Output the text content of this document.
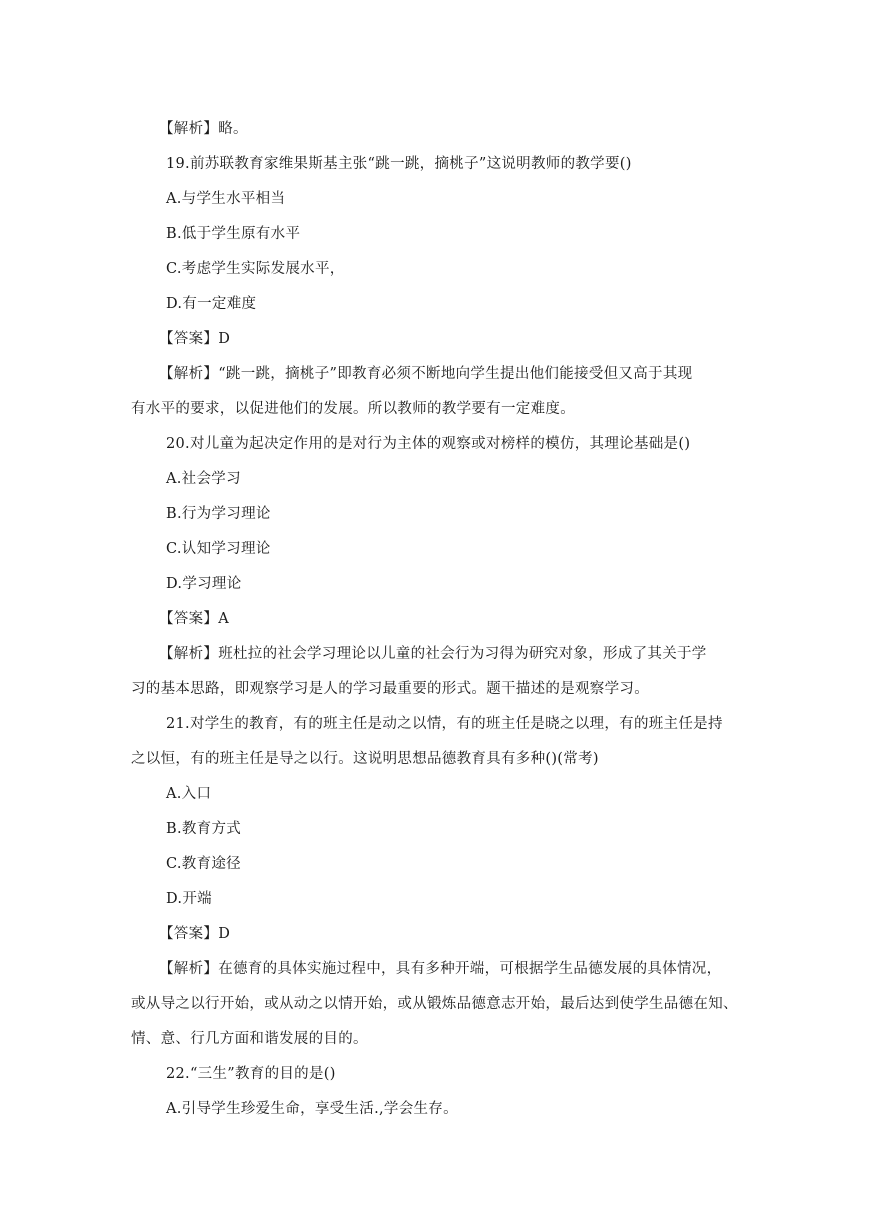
【解析】略。
19.前苏联教育家维果斯基主张“跳一跳，摘桃子”这说明教师的教学要()
A.与学生水平相当
B.低于学生原有水平
C.考虑学生实际发展水平，
D.有一定难度
【答案】D
【解析】“跳一跳，摘桃子”即教育必须不断地向学生提出他们能接受但又高于其现
有水平的要求，以促进他们的发展。所以教师的教学要有一定难度。
20.对儿童为起决定作用的是对行为主体的观察或对榜样的模仿，其理论基础是()
A.社会学习
B.行为学习理论
C.认知学习理论
D.学习理论
【答案】A
【解析】班杜拉的社会学习理论以儿童的社会行为习得为研究对象，形成了其关于学
习的基本思路，即观察学习是人的学习最重要的形式。题干描述的是观察学习。
21.对学生的教育，有的班主任是动之以情，有的班主任是晓之以理，有的班主任是持
之以恒，有的班主任是导之以行。这说明思想品德教育具有多种()(常考)
A.入口
B.教育方式
C.教育途径
D.开端
【答案】D
【解析】在德育的具体实施过程中，具有多种开端，可根据学生品德发展的具体情况，
或从导之以行开始，或从动之以情开始，或从锻炼品德意志开始，最后达到使学生品德在知、
情、意、行几方面和谐发展的目的。
22.“三生”教育的目的是()
A.引导学生珍爱生命，享受生活.,学会生存。
